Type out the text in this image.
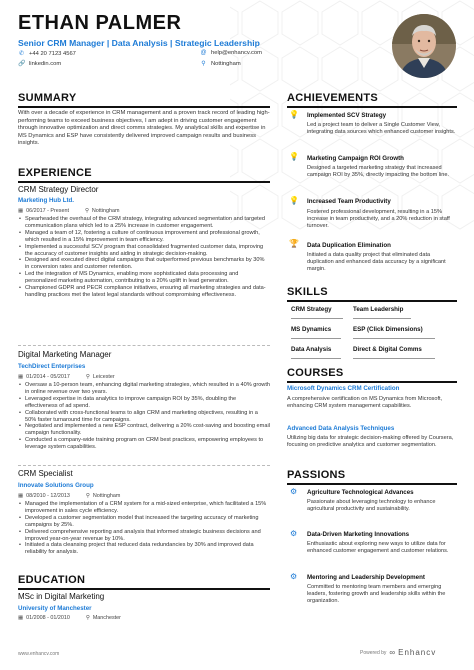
ETHAN PALMER
Senior CRM Manager | Data Analysis | Strategic Leadership
✆ +44 20 7123 4567	@ help@enhancv.com
🔗 linkedin.com	⚲ Nottingham
SUMMARY
With over a decade of experience in CRM management and a proven track record of leading high-performing teams to exceed business objectives, I am adept in driving customer engagement through innovative optimization and direct comms strategies. My analytical skills and expertise in MS Dynamics and ESP have consistently delivered improved campaign results and business insights.
EXPERIENCE
CRM Strategy Director
Marketing Hub Ltd.
▦ 06/2017 - Present	⚲ Nottingham
• Spearheaded the overhaul of the CRM strategy, integrating advanced segmentation and targeted communication plans which led to a 25% increase in customer engagement.
• Managed a team of 12, fostering a culture of continuous improvement and professional growth, which resulted in a 15% improvement in team efficiency.
• Implemented a successful SCV program that consolidated fragmented customer data, improving the accuracy of customer insights and aiding in strategic decision-making.
• Designed and executed direct digital campaigns that outperformed previous benchmarks by 30% in conversion rates and customer retention.
• Led the integration of MS Dynamics, enabling more sophisticated data processing and personalized marketing automation, contributing to a 20% uplift in lead generation.
• Championed GDPR and PECR compliance initiatives, ensuring all marketing strategies and data-handling practices met the latest legal standards without compromising effectiveness.
Digital Marketing Manager
TechDirect Enterprises
▦ 01/2014 - 05/2017	⚲ Leicester
• Oversaw a 10-person team, enhancing digital marketing strategies, which resulted in a 40% growth in online revenue over two years.
• Leveraged expertise in data analytics to improve campaign ROI by 35%, doubling the effectiveness of ad spend.
• Collaborated with cross-functional teams to align CRM and marketing objectives, resulting in a 50% faster turnaround time for campaigns.
• Negotiated and implemented a new ESP contract, delivering a 20% cost-saving and boosting email campaign functionality.
• Conducted a company-wide training program on CRM best practices, empowering employees to leverage system capabilities.
CRM Specialist
Innovate Solutions Group
▦ 08/2010 - 12/2013	⚲ Nottingham
• Managed the implementation of a CRM system for a mid-sized enterprise, which facilitated a 15% improvement in sales cycle efficiency.
• Developed a customer segmentation model that increased the targeting accuracy of marketing campaigns by 25%.
• Delivered comprehensive reporting and analysis that informed strategic business decisions and improved year-on-year revenue by 10%.
• Initiated a data cleansing project that reduced data redundancies by 30% and improved data reliability for analysis.
EDUCATION
MSc in Digital Marketing
University of Manchester
▦ 01/2008 - 01/2010	⚲ Manchester
ACHIEVEMENTS
💡 Implemented SCV Strategy
Led a project team to deliver a Single Customer View, integrating data sources which enhanced customer insights.
💡 Marketing Campaign ROI Growth
Designed a targeted marketing strategy that increased campaign ROI by 35%, directly impacting the bottom line.
💡 Increased Team Productivity
Fostered professional development, resulting in a 15% increase in team productivity, and a 20% reduction in staff turnover.
🏆 Data Duplication Elimination
Initiated a data quality project that eliminated data duplication and enhanced data accuracy by a significant margin.
SKILLS
CRM Strategy	Team Leadership
MS Dynamics	ESP (Click Dimensions)
Data Analysis	Direct & Digital Comms
COURSES
Microsoft Dynamics CRM Certification
A comprehensive certification on MS Dynamics from Microsoft, enhancing CRM system management capabilities.
Advanced Data Analysis Techniques
Utilizing big data for strategic decision-making offered by Coursera, focusing on predictive analytics and customer segmentation.
PASSIONS
⚙ Agriculture Technological Advances
Passionate about leveraging technology to enhance agricultural productivity and sustainability.
⚙ Data-Driven Marketing Innovations
Enthusiastic about exploring new ways to utilize data for enhanced customer engagement and customer relations.
⚙ Mentoring and Leadership Development
Committed to mentoring team members and emerging leaders, fostering growth and leadership skills within the organization.
www.enhancv.com	Powered by ∞ Enhancv
